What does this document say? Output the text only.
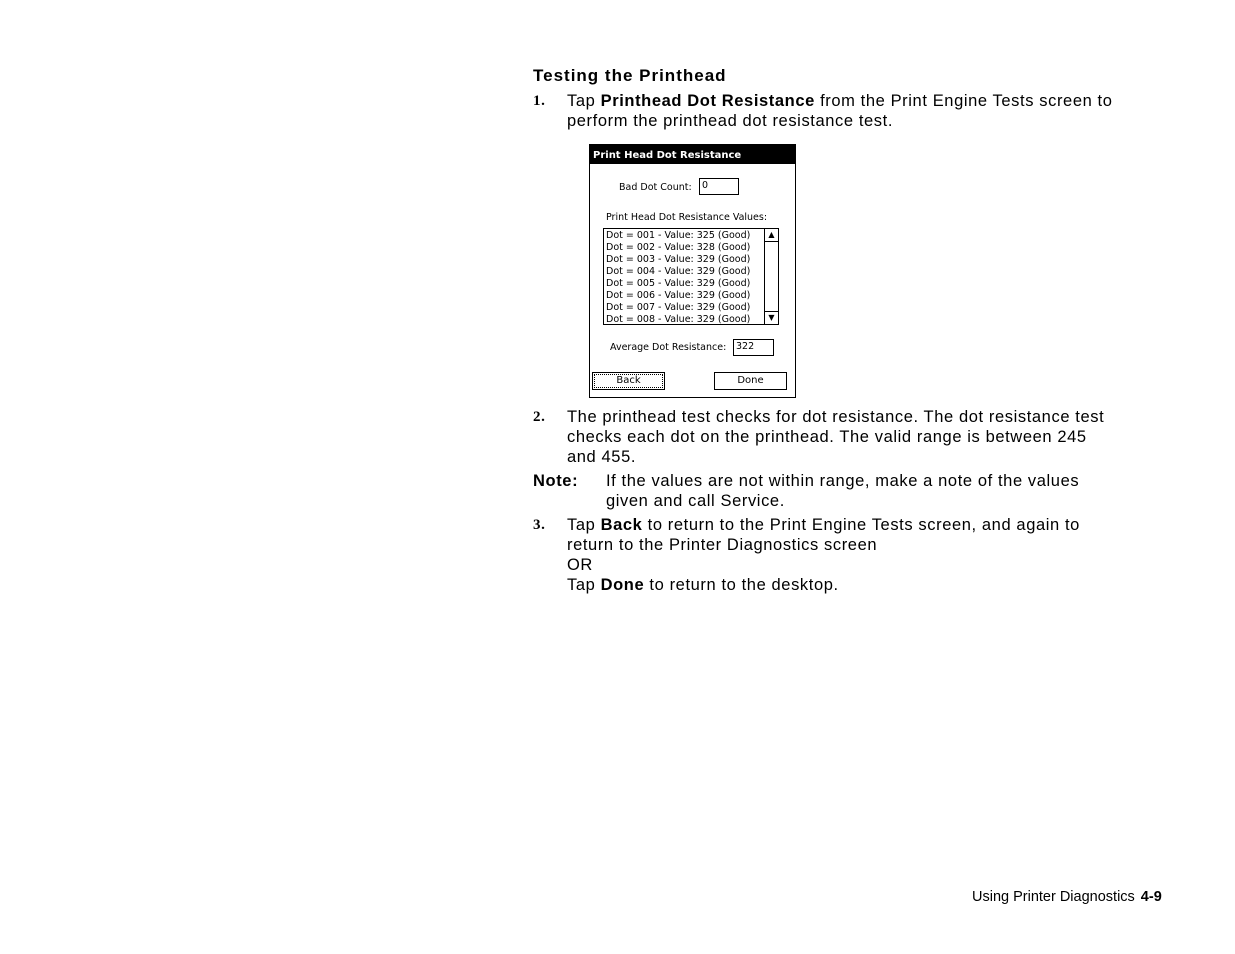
Testing the Printhead
1. Tap Printhead Dot Resistance from the Print Engine Tests screen to
perform the printhead dot resistance test.
Print Head Dot Resistance
Bad Dot Count:	0
Print Head Dot Resistance Values:
Dot = 001 - Value: 325 (Good)
Dot = 002 - Value: 328 (Good)
Dot = 003 - Value: 329 (Good)
Dot = 004 - Value: 329 (Good)
Dot = 005 - Value: 329 (Good)
Dot = 006 - Value: 329 (Good)
Dot = 007 - Value: 329 (Good)
Dot = 008 - Value: 329 (Good)
▲
▼
Average Dot Resistance:	322
Back	Done
2. The printhead test checks for dot resistance. The dot resistance test
checks each dot on the printhead. The valid range is between 245
and 455.
Note: If the values are not within range, make a note of the values
given and call Service.
3. Tap Back to return to the Print Engine Tests screen, and again to
return to the Printer Diagnostics screen
OR
Tap Done to return to the desktop.
Using Printer Diagnostics 4-9
